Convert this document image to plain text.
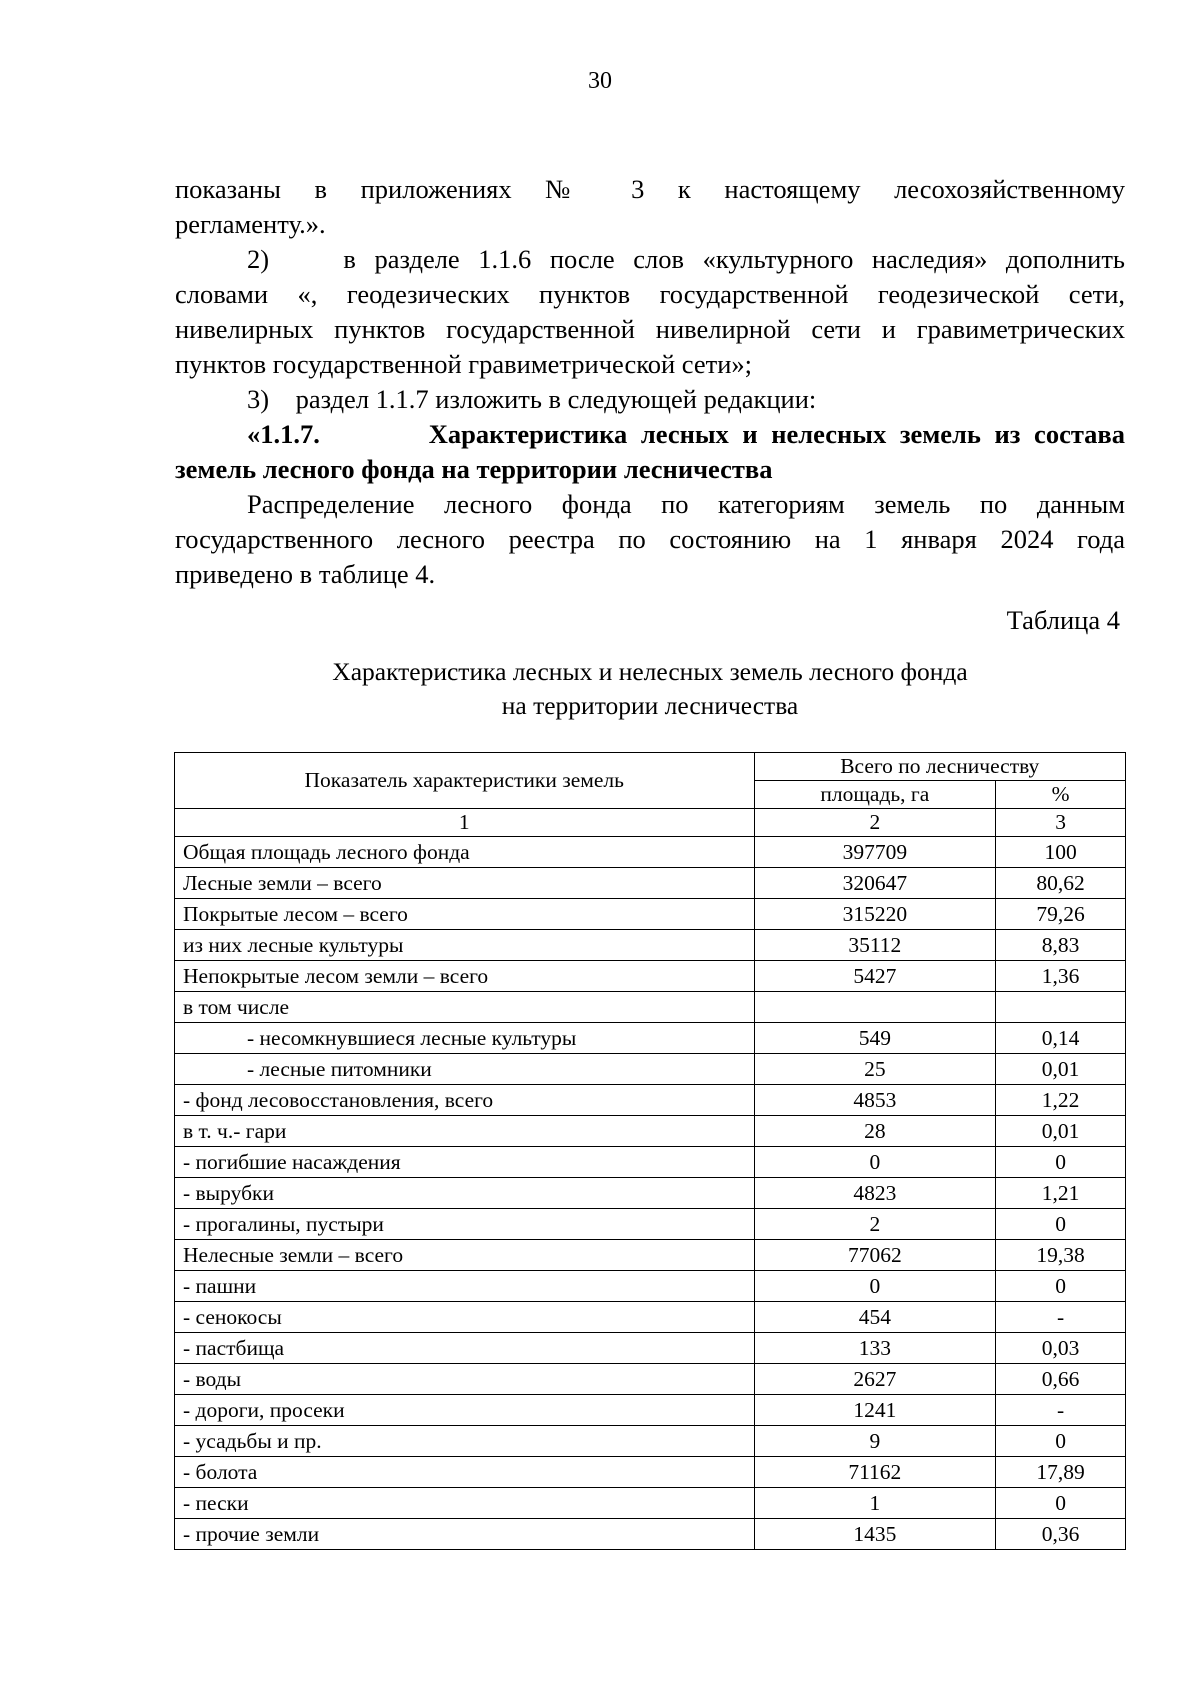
30
показаны в приложениях № 3 к настоящему лесохозяйственному
регламенту.».
2)    в разделе 1.1.6 после слов «культурного наследия» дополнить
словами «, геодезических пунктов государственной геодезической сети,
нивелирных пунктов государственной нивелирной сети и гравиметрических
пунктов государственной гравиметрической сети»;
3)    раздел 1.1.7 изложить в следующей редакции:
«1.1.7.        Характеристика лесных и нелесных земель из состава
земель лесного фонда на территории лесничества
Распределение лесного фонда по категориям земель по данным
государственного лесного реестра по состоянию на 1 января 2024 года
приведено в таблице 4.
Таблица 4
Характеристика лесных и нелесных земель лесного фонда
на территории лесничества
Показатель характеристики земель	Всего по лесничеству	
	площадь, га	%
1	2	3
Общая площадь лесного фонда	397709	100
Лесные земли – всего	320647	80,62
Покрытые лесом – всего	315220	79,26
из них лесные культуры	35112	8,83
Непокрытые лесом земли – всего	5427	1,36
в том числе		
- несомкнувшиеся лесные культуры	549	0,14
- лесные питомники	25	0,01
- фонд лесовосстановления, всего	4853	1,22
в т. ч.- гари	28	0,01
- погибшие насаждения	0	0
- вырубки	4823	1,21
- прогалины, пустыри	2	0
Нелесные земли – всего	77062	19,38
- пашни	0	0
- сенокосы	454	-
- пастбища	133	0,03
- воды	2627	0,66
- дороги, просеки	1241	-
- усадьбы и пр.	9	0
- болота	71162	17,89
- пески	1	0
- прочие земли	1435	0,36
